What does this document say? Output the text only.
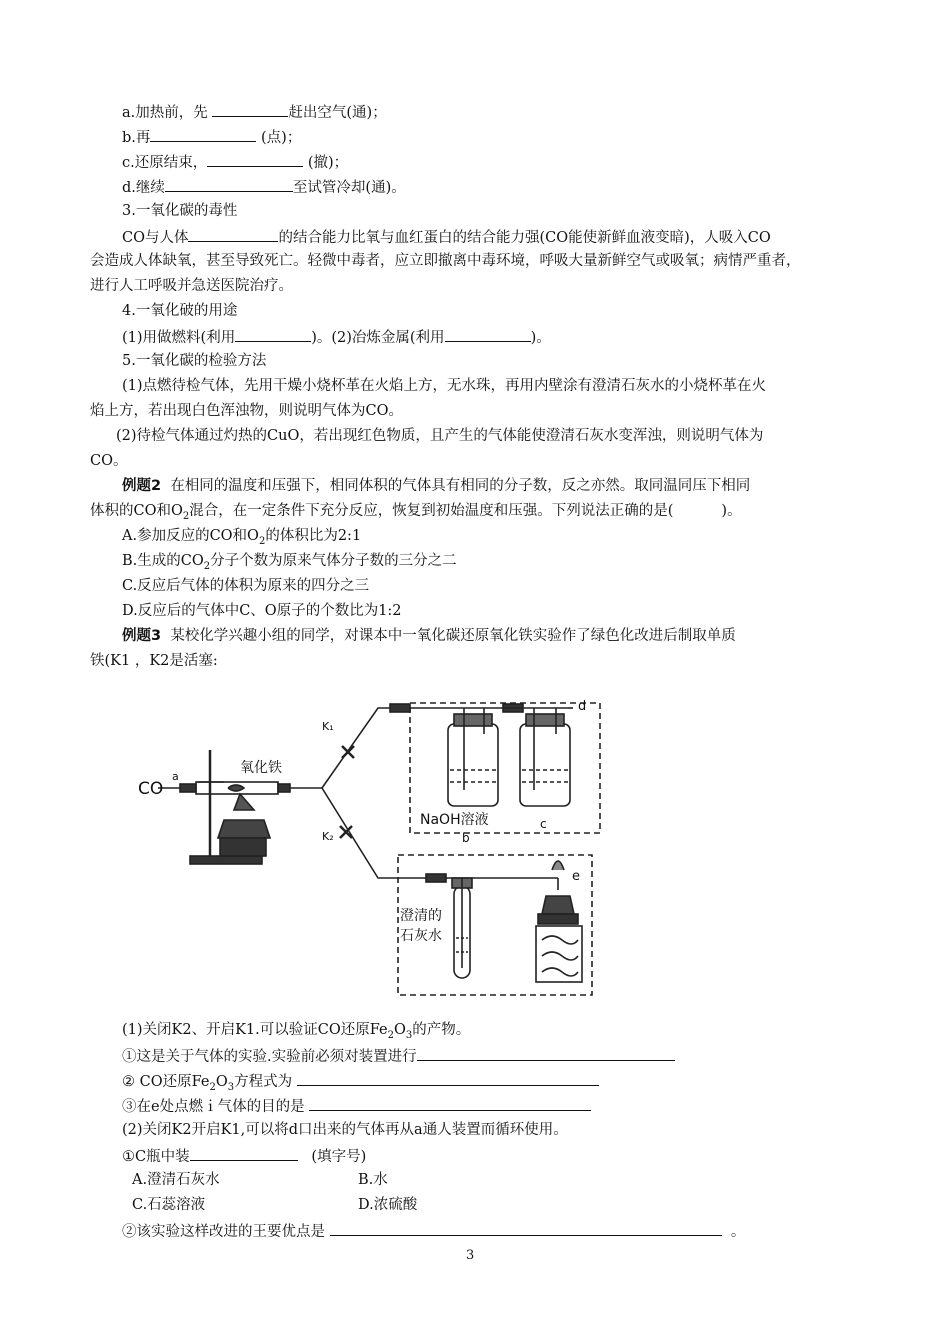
a.加热前，先	赶出空气(通)；
b.再	(点)；
c.还原结束，	(撤)；
d.继续	至试管冷却(通)。
3.一氧化碳的毒性
CO与人体	的结合能力比氧与血红蛋白的结合能力强(CO能使新鲜血液变暗)，人吸入CO
会造成人体缺氧，甚至导致死亡。轻微中毒者，应立即撤离中毒环境，呼吸大量新鲜空气或吸氧；病情严重者，
进行人工呼吸并急送医院治疗。
4.一氧化破的用途
(1)用做燃料(利用	)。(2)冶炼金属(利用	)。
5.一氧化碳的检验方法
(1)点燃待检气体，先用干燥小烧杯革在火焰上方，无水珠，再用内壁涂有澄清石灰水的小烧杯革在火
焰上方，若出现白色浑浊物，则说明气体为CO。
(2)待检气体通过灼热的CuO，若出现红色物质，且产生的气体能使澄清石灰水变浑浊，则说明气体为
CO。
例题2 在相同的温度和压强下，相同体积的气体具有相同的分子数，反之亦然。取同温同压下相同
体积的CO和$O_2$混合，在一定条件下充分反应，恢复到初始温度和压强。下列说法正确的是(	)。
A.参加反应的CO和$O_2$的体积比为2:1
B.生成的$CO_2$分子个数为原来气体分子数的三分之二
C.反应后气体的体积为原来的四分之三
D.反应后的气体中C、O原子的个数比为1:2
例题3 某校化学兴趣小组的同学，对课本中一氧化碳还原氧化铁实验作了绿色化改进后制取单质
铁(K1 ，K2是活塞:
CO
a
氧化铁
K₁
K₂
NaOH溶液
b
c
d
e
澄清的
石灰水
(1)关闭K2、开启K1.可以验证CO还原$Fe_2O_3$的产物。
①这是关于气体的实验.实验前必须对装置进行
② CO还原$Fe_2O_3$方程式为
③在e处点燃ｉ气体的目的是
(2)关闭K2开启K1,可以将d口出来的气体再从a通人装置而循环使用。
①C瓶中装	(填字号)
A.澄清石灰水	B.水
C.石蕊溶液	D.浓硫酸
②该实验这样改进的王要优点是	。
3
